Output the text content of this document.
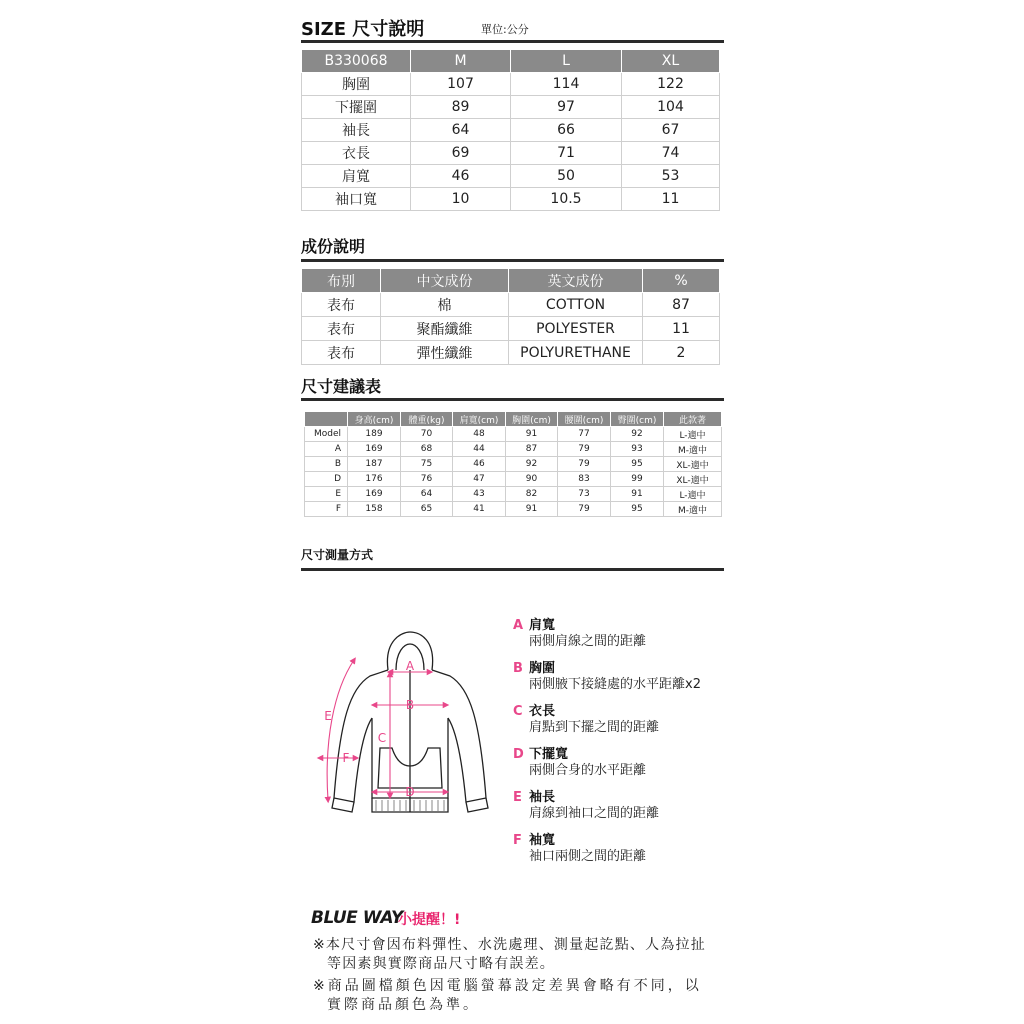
SIZE 尺寸說明	單位:公分
B330068	M	L	XL
胸圍	107	114	122
下擺圍	89	97	104
袖長	64	66	67
衣長	69	71	74
肩寬	46	50	53
袖口寬	10	10.5	11
成份說明
布別	中文成份	英文成份	%
表布	棉	COTTON	87
表布	聚酯纖維	POLYESTER	11
表布	彈性纖維	POLYURETHANE	2
尺寸建議表
	身高(cm)	體重(kg)	肩寬(cm)	胸圍(cm)	腰圍(cm)	臀圍(cm)	此款著
Model	189	70	48	91	77	92	L-適中
A	169	68	44	87	79	93	M-適中
B	187	75	46	92	79	95	XL-適中
D	176	76	47	90	83	99	XL-適中
E	169	64	43	82	73	91	L-適中
F	158	65	41	91	79	95	M-適中
尺寸測量方式
A
B
C
D
E
F
A 肩寬
兩側肩線之間的距離
B 胸圍
兩側腋下接縫處的水平距離x2
C 衣長
肩點到下擺之間的距離
D 下擺寬
兩側合身的水平距離
E 袖長
肩線到袖口之間的距離
F 袖寬
袖口兩側之間的距離
BLUE WAY
小提醒！!
※本尺寸會因布料彈性、水洗處理、測量起訖點、人為拉扯
等因素與實際商品尺寸略有誤差。
※商品圖檔顏色因電腦螢幕設定差異會略有不同，以
實際商品顏色為準。
